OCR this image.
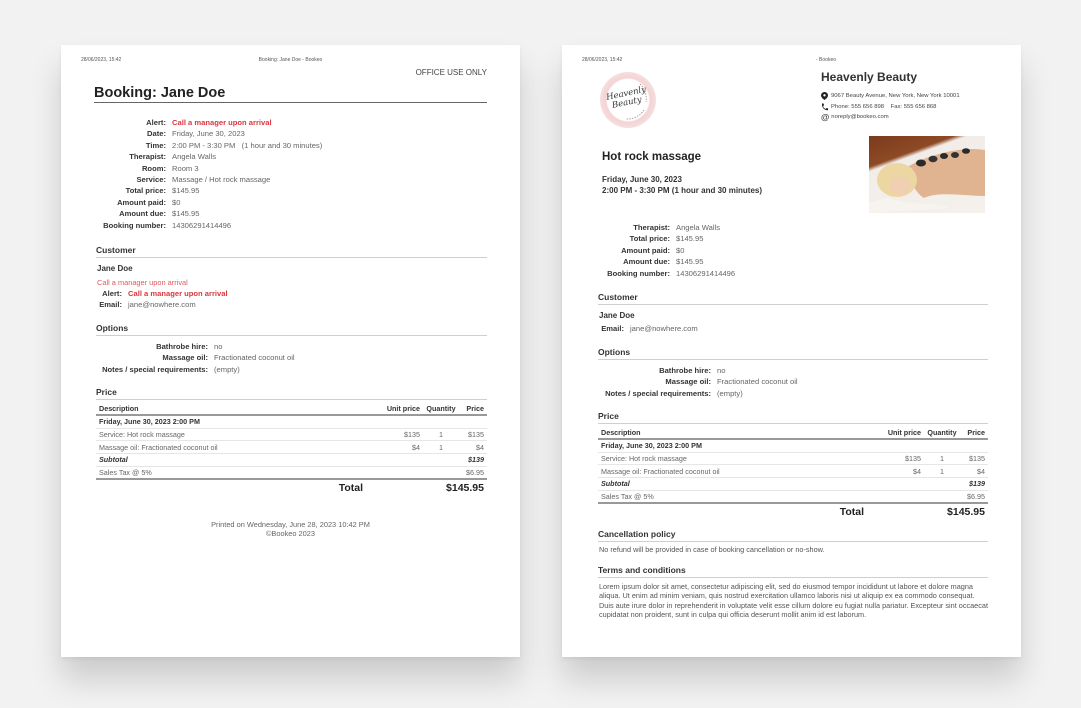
28/06/2023, 15:42	Booking: Jane Doe - Bookeo
OFFICE USE ONLY
Booking: Jane Doe
Alert: Call a manager upon arrival
Date: Friday, June 30, 2023
Time: 2:00 PM - 3:30 PM   (1 hour and 30 minutes)
Therapist: Angela Walls
Room: Room 3
Service: Massage / Hot rock massage
Total price: $145.95
Amount paid: $0
Amount due: $145.95
Booking number: 14306291414496
Customer
Jane Doe
Call a manager upon arrival
Alert: Call a manager upon arrival
Email: jane@nowhere.com
Options
Bathrobe hire: no
Massage oil: Fractionated coconut oil
Notes / special requirements: (empty)
Price
Description	Unit price	Quantity	Price
Friday, June 30, 2023 2:00 PM			
Service: Hot rock massage	$135	1	$135
Massage oil: Fractionated coconut oil	$4	1	$4
Subtotal			$139
Sales Tax @ 5%			$6.95
Total		$145.95	
Printed on Wednesday, June 28, 2023 10:42 PM
©Bookeo 2023
28/06/2023, 15:42	- Bookeo
Heavenly Beauty
Heavenly Beauty
9067 Beauty Avenue, New York, New York 10001
Phone: 555 656 898    Fax: 555 656 868
@ noreply@bookeo.com
Hot rock massage
Friday, June 30, 2023
2:00 PM - 3:30 PM (1 hour and 30 minutes)
Therapist: Angela Walls
Total price: $145.95
Amount paid: $0
Amount due: $145.95
Booking number: 14306291414496
Customer
Jane Doe
Email: jane@nowhere.com
Options
Bathrobe hire: no
Massage oil: Fractionated coconut oil
Notes / special requirements: (empty)
Price
Description	Unit price	Quantity	Price
Friday, June 30, 2023 2:00 PM			
Service: Hot rock massage	$135	1	$135
Massage oil: Fractionated coconut oil	$4	1	$4
Subtotal			$139
Sales Tax @ 5%			$6.95
Total		$145.95	
Cancellation policy
No refund will be provided in case of booking cancellation or no-show.
Terms and conditions
Lorem ipsum dolor sit amet, consectetur adipiscing elit, sed do eiusmod tempor incididunt ut labore et dolore magna aliqua. Ut enim ad minim veniam, quis nostrud exercitation ullamco laboris nisi ut aliquip ex ea commodo consequat. Duis aute irure dolor in reprehenderit in voluptate velit esse cillum dolore eu fugiat nulla pariatur. Excepteur sint occaecat cupidatat non proident, sunt in culpa qui officia deserunt mollit anim id est laborum.
